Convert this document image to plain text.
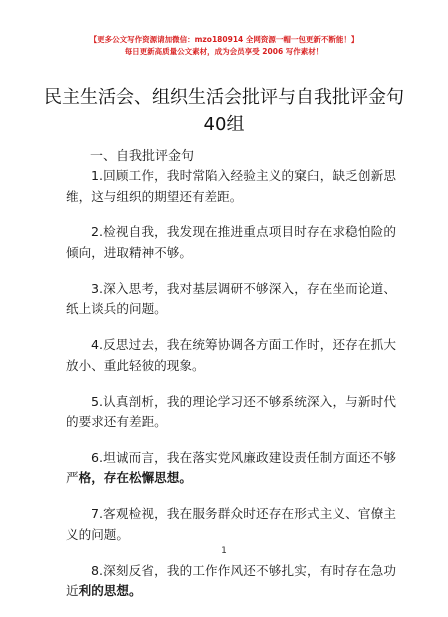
【更多公文写作资源请加微信：mzo180914 全网资源一帽一包更新不断能！】
每日更新高质量公文素材，成为会员享受 2006 写作素材！
民主生活会、组织生活会批评与自我批评金句40组
一、自我批评金句
1.回顾工作，我时常陷入经验主义的窠臼，缺乏创新思维，这与组织的期望还有差距。
2.检视自我，我发现在推进重点项目时存在求稳怕险的倾向，进取精神不够。
3.深入思考，我对基层调研不够深入，存在坐而论道、纸上谈兵的问题。
4.反思过去，我在统筹协调各方面工作时，还存在抓大放小、重此轻彼的现象。
5.认真剖析，我的理论学习还不够系统深入，与新时代的要求还有差距。
6.坦诚而言，我在落实党风廉政建设责任制方面还不够严格，存在松懈思想。
7.客观检视，我在服务群众时还存在形式主义、官僚主义的问题。
8.深刻反省，我的工作作风还不够扎实，有时存在急功近利的思想。
1
